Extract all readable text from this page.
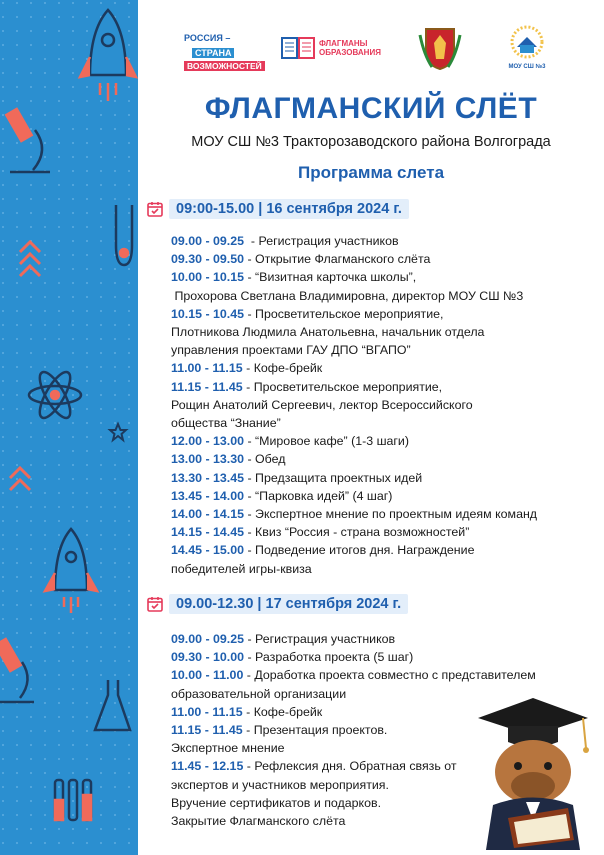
РОССИЯ –
СТРАНА
ВОЗМОЖНОСТЕЙ
ФЛАГМАНЫ
ОБРАЗОВАНИЯ
МОУ СШ №3
ФЛАГМАНСКИЙ СЛЁТ
МОУ СШ №3 Тракторозаводского района Волгограда
Программа слета
09:00-15.00 | 16 сентября 2024 г.
09.00 - 09.25  - Регистрация участников
09.30 - 09.50 - Открытие Флагманского слёта
10.00 - 10.15 - “Визитная карточка школы”,
Прохорова Светлана Владимировна, директор МОУ СШ №3
10.15 - 10.45 - Просветительское мероприятие,
Плотникова Людмила Анатольевна, начальник отдела
управления проектами ГАУ ДПО “ВГАПО”
11.00 - 11.15 - Кофе-брейк
11.15 - 11.45 - Просветительское мероприятие,
Рощин Анатолий Сергеевич, лектор Всероссийского
общества “Знание”
12.00 - 13.00 - “Мировое кафе” (1-3 шаги)
13.00 - 13.30 - Обед
13.30 - 13.45 - Предзащита проектных идей
13.45 - 14.00 - “Парковка идей” (4 шаг)
14.00 - 14.15 - Экспертное мнение по проектным идеям команд
14.15 - 14.45 - Квиз “Россия - страна возможностей”
14.45 - 15.00 - Подведение итогов дня. Награждение
победителей игры-квиза
09.00-12.30 | 17 сентября 2024 г.
09.00 - 09.25 - Регистрация участников
09.30 - 10.00 - Разработка проекта (5 шаг)
10.00 - 11.00 - Доработка проекта совместно с представителем
образовательной организации
11.00 - 11.15 - Кофе-брейк
11.15 - 11.45 - Презентация проектов.
Экспертное мнение
11.45 - 12.15 - Рефлексия дня. Обратная связь от
экспертов и участников мероприятия.
Вручение сертификатов и подарков.
Закрытие Флагманского слёта
